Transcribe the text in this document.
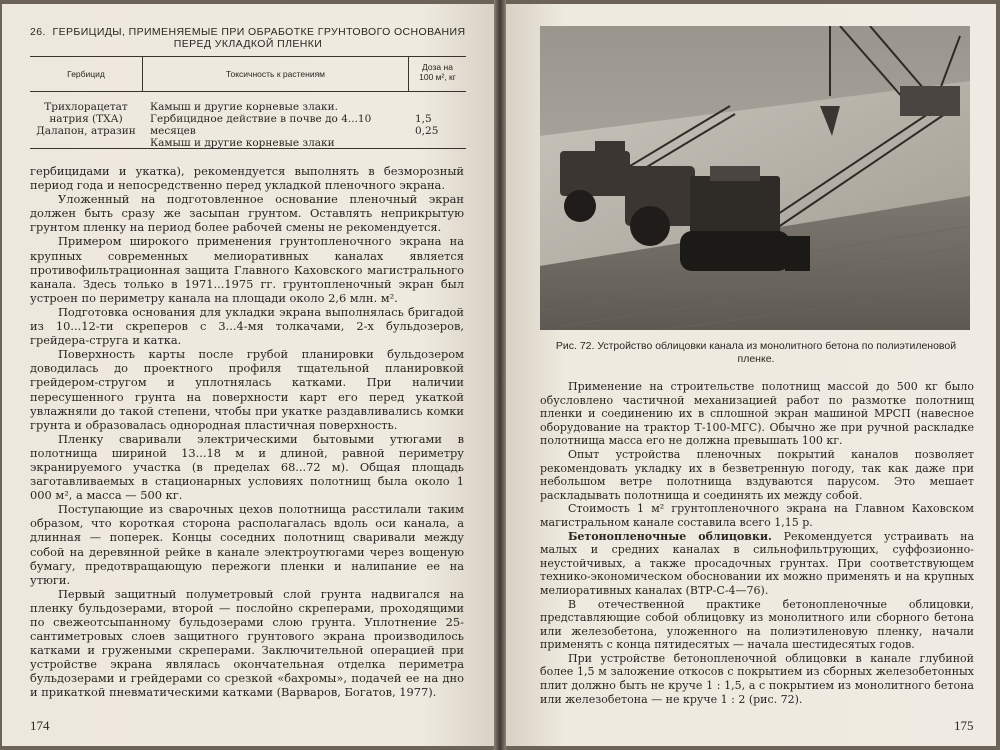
26. ГЕРБИЦИДЫ, ПРИМЕНЯЕМЫЕ ПРИ ОБРАБОТКЕ ГРУНТОВОГО ОСНОВАНИЯ
ПЕРЕД УКЛАДКОЙ ПЛЕНКИ
Гербицид	Токсичность к растениям
Доза на
100 м², кг
Трихлорацетат
натрия (ТХА)
Далапон, атразин
Камыш и другие корневые злаки.
Гербицидное действие в почве до 4...10 месяцев
Камыш и другие корневые злаки
1,5
0,25

гербицидами и укатка), рекомендуется выполнять в безморозный период года и непосредственно перед укладкой пленочного экрана.

Уложенный на подготовленное основание пленочный экран должен быть сразу же засыпан грунтом. Оставлять неприкрытую грунтом пленку на период более рабочей смены не рекомендуется.

Примером широкого применения грунтопленочного экрана на крупных современных мелиоративных каналах является противофильтрационная защита Главного Каховского магистрального канала. Здесь только в 1971...1975 гг. грунтопленочный экран был устроен по периметру канала на площади около 2,6 млн. м².

Подготовка основания для укладки экрана выполнялась бригадой из 10...12-ти скреперов с 3...4-мя толкачами, 2-х бульдозеров, грейдера-струга и катка.

Поверхность карты после грубой планировки бульдозером доводилась до проектного профиля тщательной планировкой грейдером-стругом и уплотнялась катками. При наличии пересушенного грунта на поверхности карт его перед укаткой увлажняли до такой степени, чтобы при укатке раздавливались комки грунта и образовалась однородная пластичная поверхность.

Пленку сваривали электрическими бытовыми утюгами в полотнища шириной 13...18 м и длиной, равной периметру экранируемого участка (в пределах 68...72 м). Общая площадь заготавливаемых в стационарных условиях полотнищ была около 1 000 м², а масса — 500 кг.

Поступающие из сварочных цехов полотнища расстилали таким образом, что короткая сторона располагалась вдоль оси канала, а длинная — поперек. Концы соседних полотнищ сваривали между собой на деревянной рейке в канале электроутюгами через вощеную бумагу, предотвращающую пережоги пленки и налипание ее на утюги.

Первый защитный полуметровый слой грунта надвигался на пленку бульдозерами, второй — послойно скреперами, проходящими по свежеотсыпанному бульдозерами слою грунта. Уплотнение 25-сантиметровых слоев защитного грунтового экрана производилось катками и гружеными скреперами. Заключительной операцией при устройстве экрана являлась окончательная отделка периметра бульдозерами и грейдерами со срезкой «бахромы», подачей ее на дно и прикаткой пневматическими катками (Варваров, Богатов, 1977).

174
Рис. 72. Устройство облицовки канала из монолитного бетона по полиэтиленовой пленке.

Применение на строительстве полотнищ массой до 500 кг было обусловлено частичной механизацией работ по размотке полотнищ пленки и соединению их в сплошной экран машиной МРСП (навесное оборудование на трактор Т-100-МГС). Обычно же при ручной раскладке полотнища масса его не должна превышать 100 кг.

Опыт устройства пленочных покрытий каналов позволяет рекомендовать укладку их в безветренную погоду, так как даже при небольшом ветре полотнища вздуваются парусом. Это мешает раскладывать полотнища и соединять их между собой.

Стоимость 1 м² грунтопленочного экрана на Главном Каховском магистральном канале составила всего 1,15 р.

Бетонопленочные облицовки. Рекомендуется устраивать на малых и средних каналах в сильнофильтрующих, суффозионно-неустойчивых, а также просадочных грунтах. При соответствующем технико-экономическом обосновании их можно применять и на крупных мелиоративных каналах (ВТР-С-4—76).

В отечественной практике бетонопленочные облицовки, представляющие собой облицовку из монолитного или сборного бетона или железобетона, уложенного на полиэтиленовую пленку, начали применять с конца пятидесятых — начала шестидесятых годов.

При устройстве бетонопленочной облицовки в канале глубиной более 1,5 м заложение откосов с покрытием из сборных железобетонных плит должно быть не круче 1 : 1,5, а с покрытием из монолитного бетона или железобетона — не круче 1 : 2 (рис. 72).

175
